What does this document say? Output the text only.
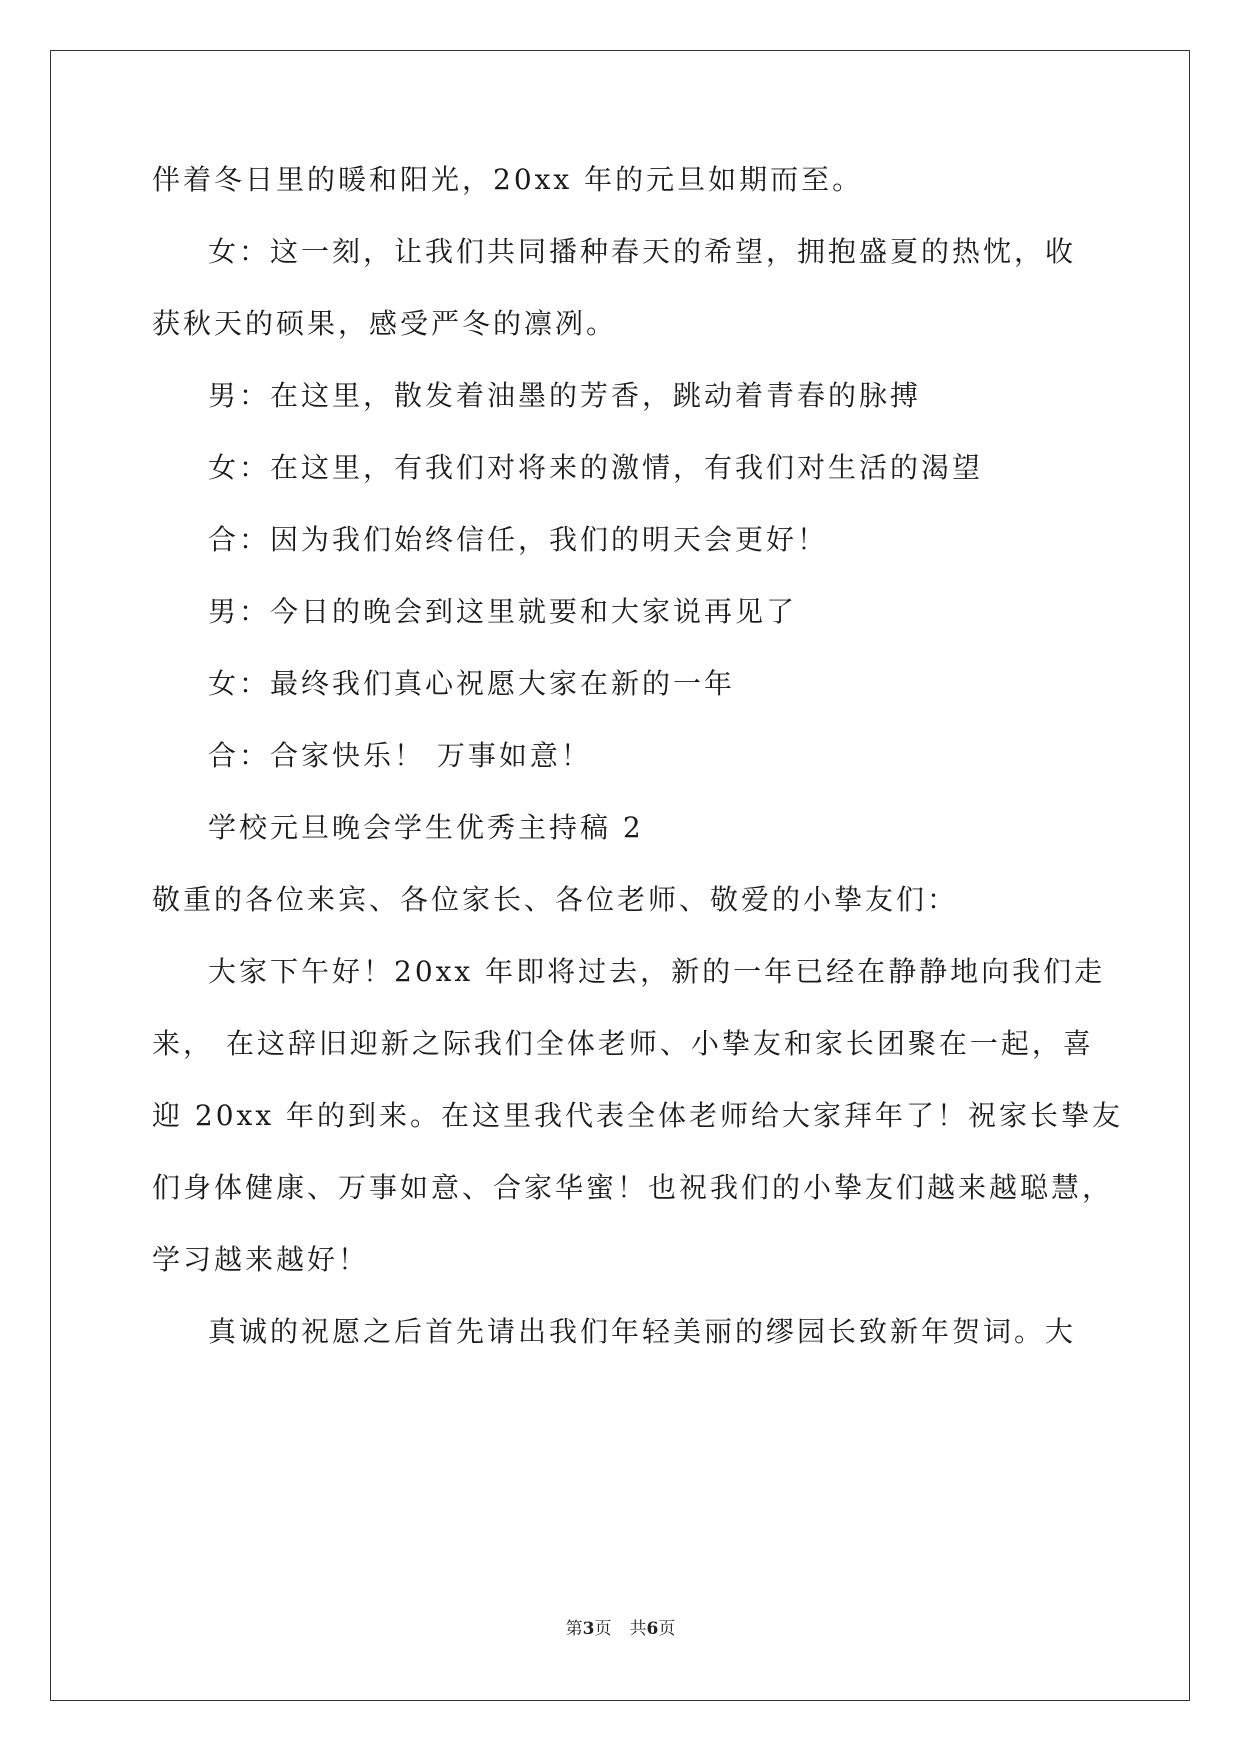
伴着冬日里的暖和阳光，20xx 年的元旦如期而至。
女：这一刻，让我们共同播种春天的希望，拥抱盛夏的热忱，收
获秋天的硕果，感受严冬的凛冽。
男：在这里，散发着油墨的芳香，跳动着青春的脉搏
女：在这里，有我们对将来的激情，有我们对生活的渴望
合：因为我们始终信任，我们的明天会更好！
男：今日的晚会到这里就要和大家说再见了
女：最终我们真心祝愿大家在新的一年
合：合家快乐！ 万事如意！
学校元旦晚会学生优秀主持稿 2
敬重的各位来宾、各位家长、各位老师、敬爱的小挚友们：
大家下午好！20xx 年即将过去，新的一年已经在静静地向我们走
来， 在这辞旧迎新之际我们全体老师、小挚友和家长团聚在一起，喜
迎 20xx 年的到来。在这里我代表全体老师给大家拜年了！祝家长挚友
们身体健康、万事如意、合家华蜜！也祝我们的小挚友们越来越聪慧，
学习越来越好！
真诚的祝愿之后首先请出我们年轻美丽的缪园长致新年贺词。大
第3页 共6页
